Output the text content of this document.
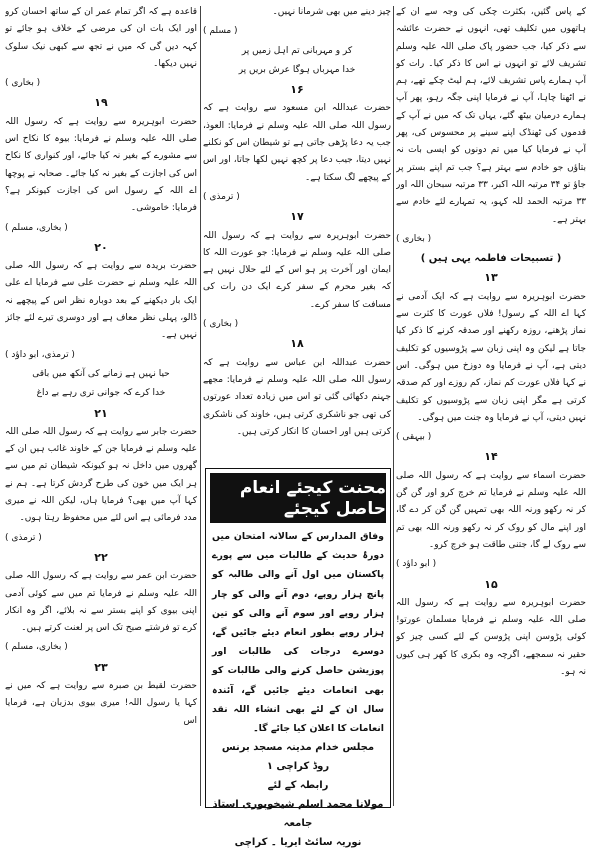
کے پاس گئیں، بکثرت چکی کی وجہ سے ان کے ہاتھوں میں تکلیف تھی، انہوں نے حضرت عائشہ سے ذکر کیا، جب حضور پاک صلی اللہ علیہ وسلم تشریف لائے تو انہوں نے اس کا ذکر کیا۔ رات کو آپ ہمارے پاس تشریف لائے، ہم لیٹ چکے تھے، ہم نے اٹھنا چاہا، آپ نے فرمایا اپنی جگہ رہو، پھر آپ ہمارے درمیان بیٹھ گئے، یہاں تک کہ میں نے آپ کے قدموں کی ٹھنڈک اپنے سینے پر محسوس کی، پھر آپ نے فرمایا کیا میں تم دونوں کو ایسی بات نہ بتاؤں جو خادم سے بہتر ہے؟ جب تم اپنے بستر پر جاؤ تو ۳۴ مرتبہ اللہ اکبر، ۳۳ مرتبہ سبحان اللہ اور ۳۳ مرتبہ الحمد للہ کہو، یہ تمہارے لئے خادم سے بہتر ہے۔

( بخاری )

( تسبیحات فاطمہ یہی ہیں )

۱۳

حضرت ابوہریرہ سے روایت ہے کہ ایک آدمی نے کہا اے اللہ کے رسول! فلاں عورت کا کثرت سے نماز پڑھنے، روزہ رکھنے اور صدقہ کرنے کا ذکر کیا جاتا ہے لیکن وہ اپنی زبان سے پڑوسیوں کو تکلیف دیتی ہے، آپ نے فرمایا وہ دوزخ میں ہوگی۔ اس نے کہا فلاں عورت کم نماز، کم روزے اور کم صدقہ کرتی ہے مگر اپنی زبان سے پڑوسیوں کو تکلیف نہیں دیتی، آپ نے فرمایا وہ جنت میں ہوگی۔

( بیہقی )

۱۴

حضرت اسماء سے روایت ہے کہ رسول اللہ صلی اللہ علیہ وسلم نے فرمایا تم خرچ کرو اور گن گن کر نہ رکھو ورنہ اللہ بھی تمہیں گن گن کر دے گا، اور اپنے مال کو روک کر نہ رکھو ورنہ اللہ بھی تم سے روک لے گا، جتنی طاقت ہو خرچ کرو۔

( ابو داؤد )

۱۵

حضرت ابوہریرہ سے روایت ہے کہ رسول اللہ صلی اللہ علیہ وسلم نے فرمایا مسلمان عورتو! کوئی پڑوسن اپنی پڑوسن کے لئے کسی چیز کو حقیر نہ سمجھے، اگرچہ وہ بکری کا کھر ہی کیوں نہ ہو۔

چیز دینے میں بھی شرمانا نہیں۔

( مسلم )

کر و مہربانی تم اہل زمیں پر

خدا مہرباں ہوگا عرش بریں پر

۱۶

حضرت عبداللہ ابن مسعود سے روایت ہے کہ رسول اللہ صلی اللہ علیہ وسلم نے فرمایا: العوذ، جب یہ دعا پڑھی جاتی ہے تو شیطان اس کو نکلنے نہیں دیتا، جیب دعا پر کچھ نہیں لکھا جاتا، اور اس کے پیچھے لگ سکتا ہے۔

( ترمذی )

۱۷

حضرت ابوہریرہ سے روایت ہے کہ رسول اللہ صلی اللہ علیہ وسلم نے فرمایا: جو عورت اللہ کا ایمان اور آخرت پر ہو اس کے لئے حلال نہیں ہے کہ بغیر محرم کے سفر کرے ایک دن رات کی مسافت کا سفر کرے۔

( بخاری )

۱۸

حضرت عبداللہ ابن عباس سے روایت ہے کہ رسول اللہ صلی اللہ علیہ وسلم نے فرمایا: مجھے جہنم دکھائی گئی تو اس میں زیادہ تعداد عورتوں کی تھی جو ناشکری کرتی ہیں، خاوند کی ناشکری کرتی ہیں اور احسان کا انکار کرتی ہیں۔

محنت کیجئے انعام حاصل کیجئے

وفاق المدارس کے سالانہ امتحان میں دورۂ حدیث کے طالبات میں سے پورے پاکستان میں اول آنے والی طالبہ کو پانچ ہزار روپے، دوم آنے والی کو چار ہزار روپے اور سوم آنے والی کو تین ہزار روپے بطور انعام دیئے جائیں گے، دوسرے درجات کی طالبات اور پوزیشن حاصل کرنے والی طالبات کو بھی انعامات دیئے جائیں گے، آئندہ سال ان کے لئے بھی انشاء اللہ نقد انعامات کا اعلان کیا جائے گا۔

مجلس خدام مدینہ مسجد برنس روڈ کراچی ۱

رابطہ کے لئے

مولانا محمد اسلم شیخوپوری استاذ جامعہ

نوریہ سائٹ ایریا ۔ کراچی

قاعدہ ہے کہ اگر تمام عمر ان کے ساتھ احسان کرو اور ایک بات ان کی مرضی کے خلاف ہو جائے تو کہہ دیں گی کہ میں نے تجھ سے کبھی نیک سلوک نہیں دیکھا۔

( بخاری )

۱۹

حضرت ابوہریرہ سے روایت ہے کہ رسول اللہ صلی اللہ علیہ وسلم نے فرمایا: بیوہ کا نکاح اس سے مشورے کے بغیر نہ کیا جائے، اور کنواری کا نکاح اس کی اجازت کے بغیر نہ کیا جائے۔ صحابہ نے پوچھا اے اللہ کے رسول اس کی اجازت کیونکر ہے؟ فرمایا: خاموشی۔

( بخاری، مسلم )

۲۰

حضرت بریدہ سے روایت ہے کہ رسول اللہ صلی اللہ علیہ وسلم نے حضرت علی سے فرمایا اے علی ایک بار دیکھنے کے بعد دوبارہ نظر اس کے پیچھے نہ ڈالو، پہلی نظر معاف ہے اور دوسری تیرے لئے جائز نہیں ہے۔

( ترمذی، ابو داؤد )

حیا نہیں ہے زمانے کی آنکھ میں باقی

خدا کرے کہ جوانی تری رہے بے داغ

۲۱

حضرت جابر سے روایت ہے کہ رسول اللہ صلی اللہ علیہ وسلم نے فرمایا جن کے خاوند غائب ہیں ان کے گھروں میں داخل نہ ہو کیونکہ شیطان تم میں سے ہر ایک میں خون کی طرح گردش کرتا ہے۔ ہم نے کہا آپ میں بھی؟ فرمایا ہاں، لیکن اللہ نے میری مدد فرمائی ہے اس لئے میں محفوظ رہتا ہوں۔

( ترمذی )

۲۲

حضرت ابن عمر سے روایت ہے کہ رسول اللہ صلی اللہ علیہ وسلم نے فرمایا تم میں سے کوئی آدمی اپنی بیوی کو اپنے بستر سے نہ بلائے، اگر وہ انکار کرے تو فرشتے صبح تک اس پر لعنت کرتے ہیں۔

( بخاری، مسلم )

۲۳

حضرت لقیط بن صبرہ سے روایت ہے کہ میں نے کہا یا رسول اللہ! میری بیوی بدزبان ہے، فرمایا اس
